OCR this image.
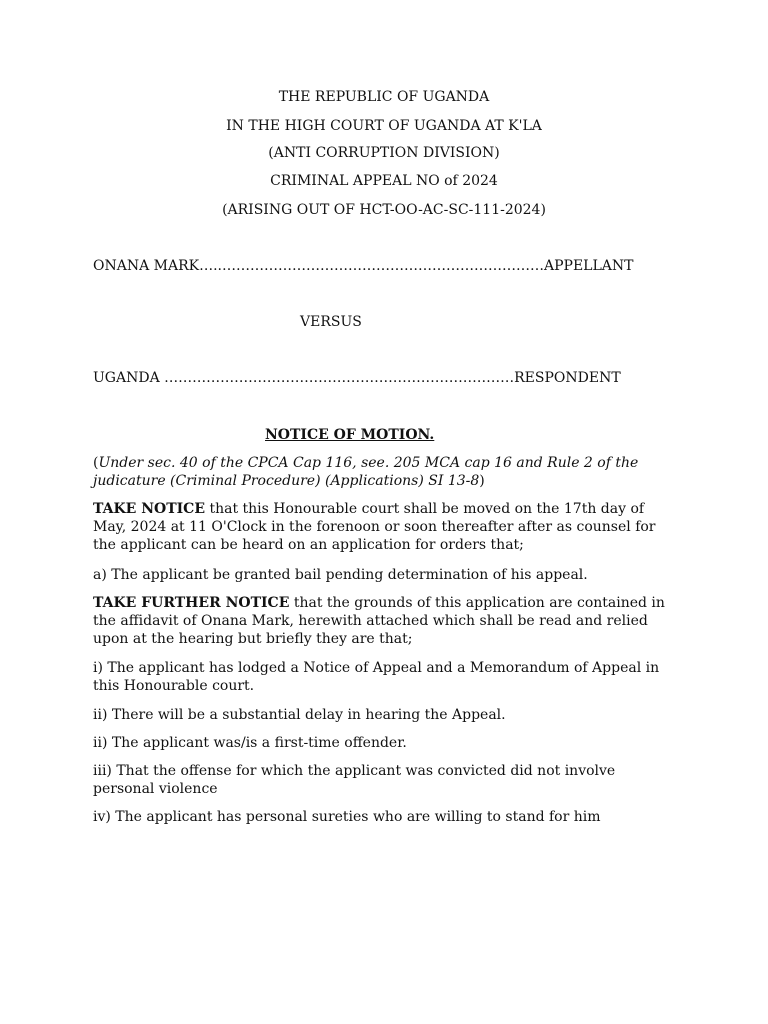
THE REPUBLIC OF UGANDA
IN THE HIGH COURT OF UGANDA AT K'LA
(ANTI CORRUPTION DIVISION)
CRIMINAL APPEAL NO of 2024
(ARISING OUT OF HCT-OO-AC-SC-111-2024)
ONANA MARK…..……………………………………………………………APPELLANT
VERSUS
UGANDA …………………………………………………………………RESPONDENT
NOTICE OF MOTION.
(Under sec. 40 of the CPCA Cap 116, see. 205 MCA cap 16 and Rule 2 of the judicature (Criminal Procedure) (Applications) SI 13-8)
TAKE NOTICE that this Honourable court shall be moved on the 17th day of May, 2024 at 11 O'Clock in the forenoon or soon thereafter after as counsel for the applicant can be heard on an application for orders that;
a) The applicant be granted bail pending determination of his appeal.
TAKE FURTHER NOTICE that the grounds of this application are contained in the affidavit of Onana Mark, herewith attached which shall be read and relied upon at the hearing but briefly they are that;
i) The applicant has lodged a Notice of Appeal and a Memorandum of Appeal in this Honourable court.
ii) There will be a substantial delay in hearing the Appeal.
ii) The applicant was/is a first-time offender.
iii) That the offense for which the applicant was convicted did not involve personal violence
iv) The applicant has personal sureties who are willing to stand for him
